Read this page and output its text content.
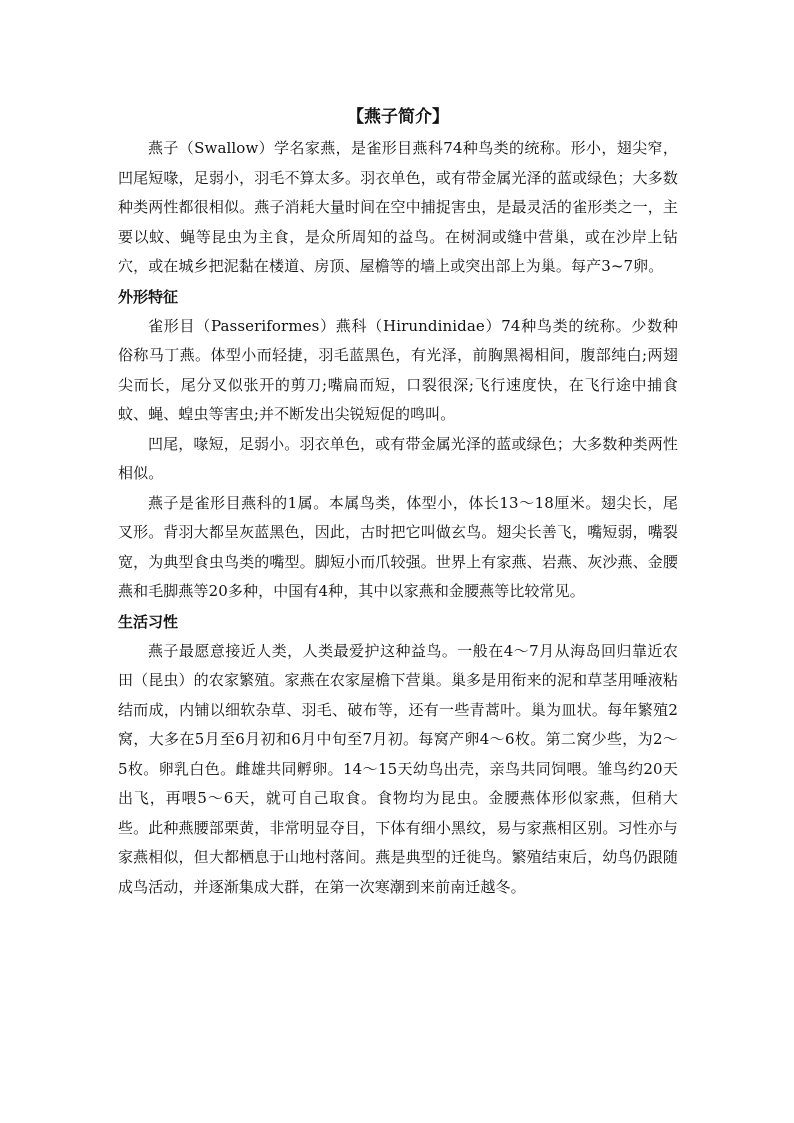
【燕子简介】

燕子（Swallow）学名家燕，是雀形目燕科74种鸟类的统称。形小，翅尖窄，凹尾短喙，足弱小，羽毛不算太多。羽衣单色，或有带金属光泽的蓝或绿色；大多数种类两性都很相似。燕子消耗大量时间在空中捕捉害虫，是最灵活的雀形类之一，主要以蚊、蝇等昆虫为主食，是众所周知的益鸟。在树洞或缝中营巢，或在沙岸上钻穴，或在城乡把泥黏在楼道、房顶、屋檐等的墙上或突出部上为巢。每产3~7卵。

外形特征

雀形目（Passeriformes）燕科（Hirundinidae）74种鸟类的统称。少数种俗称马丁燕。体型小而轻捷，羽毛蓝黑色，有光泽，前胸黑褐相间，腹部纯白;两翅尖而长，尾分叉似张开的剪刀;嘴扁而短，口裂很深;飞行速度快，在飞行途中捕食蚊、蝇、蝗虫等害虫;并不断发出尖锐短促的鸣叫。

凹尾，喙短，足弱小。羽衣单色，或有带金属光泽的蓝或绿色；大多数种类两性相似。

燕子是雀形目燕科的1属。本属鸟类，体型小，体长13～18厘米。翅尖长，尾叉形。背羽大都呈灰蓝黑色，因此，古时把它叫做玄鸟。翅尖长善飞，嘴短弱，嘴裂宽，为典型食虫鸟类的嘴型。脚短小而爪较强。世界上有家燕、岩燕、灰沙燕、金腰燕和毛脚燕等20多种，中国有4种，其中以家燕和金腰燕等比较常见。

生活习性

燕子最愿意接近人类，人类最爱护这种益鸟。一般在4～7月从海岛回归靠近农田（昆虫）的农家繁殖。家燕在农家屋檐下营巢。巢多是用衔来的泥和草茎用唾液粘结而成，内铺以细软杂草、羽毛、破布等，还有一些青蒿叶。巢为皿状。每年繁殖2窝，大多在5月至6月初和6月中旬至7月初。每窝产卵4～6枚。第二窝少些，为2～5枚。卵乳白色。雌雄共同孵卵。14～15天幼鸟出壳，亲鸟共同饲喂。雏鸟约20天出飞，再喂5～6天，就可自己取食。食物均为昆虫。金腰燕体形似家燕，但稍大些。此种燕腰部栗黄，非常明显夺目，下体有细小黑纹，易与家燕相区别。习性亦与家燕相似，但大都栖息于山地村落间。燕是典型的迁徙鸟。繁殖结束后，幼鸟仍跟随成鸟活动，并逐渐集成大群，在第一次寒潮到来前南迁越冬。
